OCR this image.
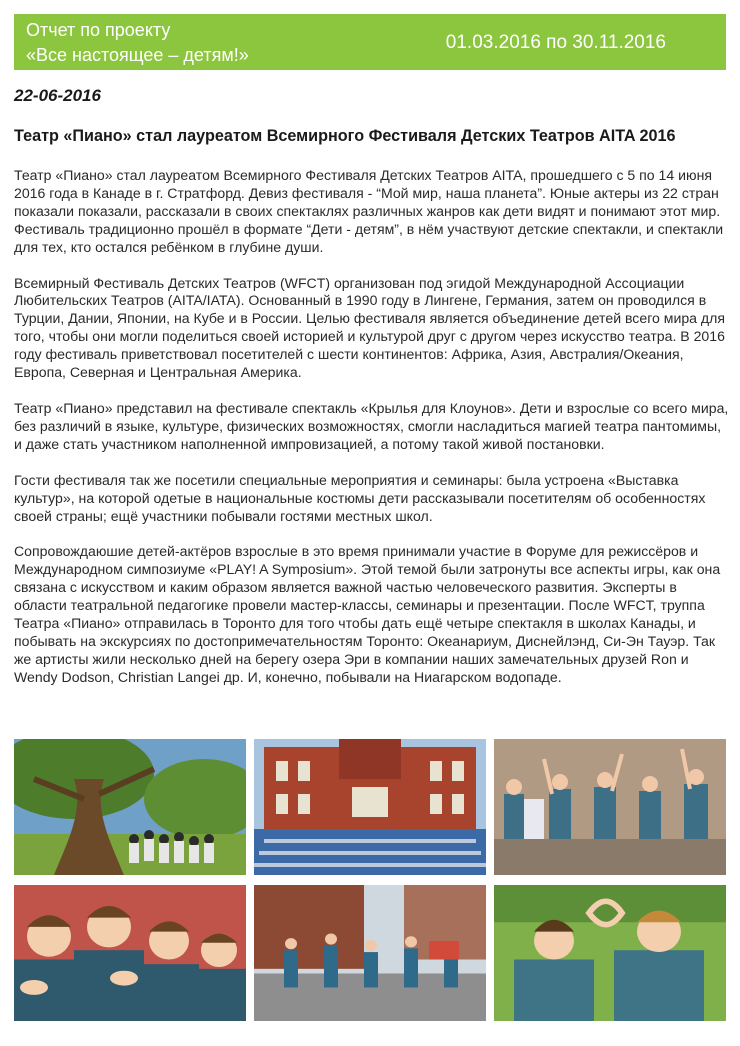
Отчет по проекту
«Все настоящее – детям!»
01.03.2016 по 30.11.2016
22-06-2016
Театр «Пиано» стал лауреатом Всемирного Фестиваля Детских Театров AITA 2016

Театр «Пиано» стал лауреатом Всемирного Фестиваля Детских Театров AITA, прошедшего с 5 по 14 июня 2016 года в Канаде в г. Стратфорд. Девиз фестиваля - “Мой мир, наша планета”. Юные актеры из 22 стран показали показали, рассказали в своих спектаклях различных жанров как дети видят и понимают этот мир. Фестиваль традиционно прошёл в формате “Дети - детям”, в нём участвуют детские спектакли, и спектакли для тех, кто остался ребёнком в глубине души.

Всемирный Фестиваль Детских Театров (WFCT) организован под эгидой Международной Ассоциации Любительских Театров (AITA/IATA). Основанный в 1990 году в Лингене, Германия, затем он проводился в Турции, Дании, Японии, на Кубе и в России. Целью фестиваля является объединение детей всего мира для того, чтобы они могли поделиться своей историей и культурой друг с другом через искусство театра. В 2016 году фестиваль приветствовал посетителей с шести континентов: Африка, Азия, Австралия/Океания, Европа, Северная и Центральная Америка.

Театр «Пиано» представил на фестивале спектакль «Крылья для Клоунов». Дети и взрослые со всего мира, без различий в языке, культуре, физических возможностях, смогли насладиться магией театра пантомимы, и даже стать участником наполненной импровизацией, а потому такой живой постановки.

Гости фестиваля так же посетили специальные мероприятия и семинары: была устроена «Выставка культур», на которой одетые в национальные костюмы дети рассказывали посетителям об особенностях своей страны; ещё участники побывали гостями местных школ.

Сопровождаюшие детей-актёров взрослые в это время принимали участие в Форуме для режиссёров и Международном симпозиуме «PLAY! A Symposium». Этой темой были затронуты все аспекты игры, как она связана с искусством и каким образом является важной частью человеческого развития. Эксперты в области театральной педагогике провели мастер-классы, семинары и презентации. После WFCT, труппа Театра «Пиано» отправилась в Торонто для того чтобы дать ещё четыре спектакля в школах Канады, и побывать на экскурсиях по достопримечательностям Торонто: Океанариум, Диснейлэнд, Си-Эн Тауэр. Так же артисты жили несколько дней на берегу озера Эри в компании наших замечательных друзей Ron и Wendy Dodson, Christian Langei др. И, конечно, побывали на Ниагарском водопаде.
